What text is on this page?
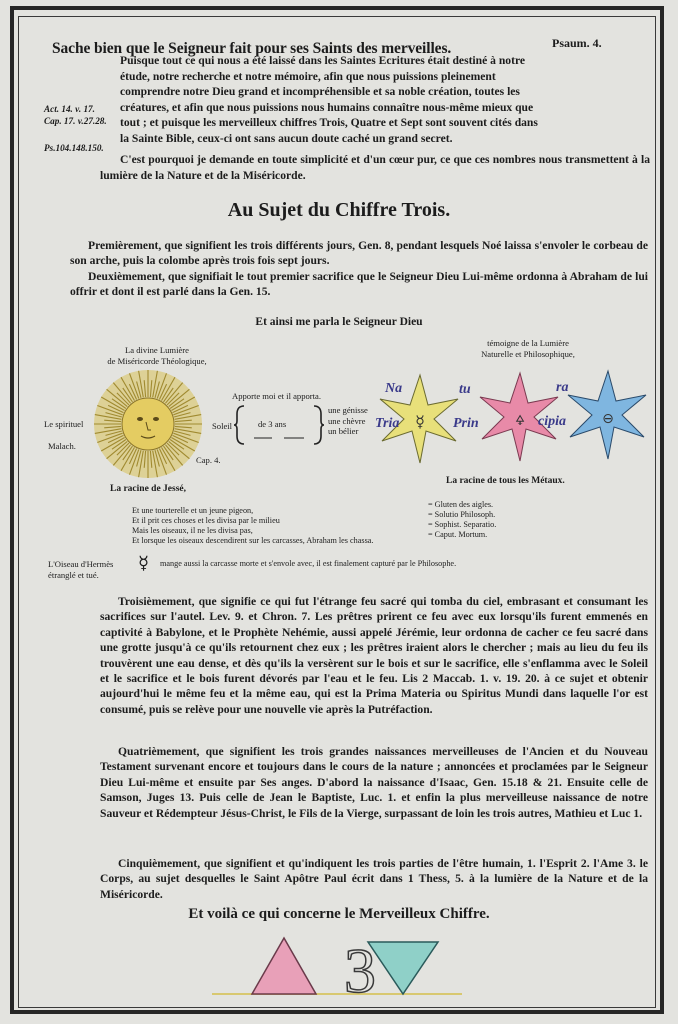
Sache bien que le Seigneur fait pour ses Saints des merveilles.	Psaum. 4.
Puisque tout ce qui nous a été laissé dans les Saintes Ecritures était destiné à notre
étude, notre recherche et notre mémoire, afin que nous puissions pleinement
comprendre notre Dieu grand et incompréhensible et sa noble création, toutes les
créatures, et afin que nous puissions nous humains connaître nous-même mieux que
tout ; et puisque les merveilleux chiffres Trois, Quatre et Sept sont souvent cités dans
la Sainte Bible, ceux-ci ont sans aucun doute caché un grand secret.
Act. 14. v. 17.
Cap. 17. v.27.28.
Ps.104.148.150.
C'est pourquoi je demande en toute simplicité et d'un cœur pur, ce que ces nombres nous transmettent à la lumière de la Nature et de la Miséricorde.
Au Sujet du Chiffre Trois.
Premièrement, que signifient les trois différents jours, Gen. 8, pendant lesquels Noé laissa s'envoler le corbeau de son arche, puis la colombe après trois fois sept jours.
Deuxièmement, que signifiait le tout premier sacrifice que le Seigneur Dieu Lui-même ordonna à Abraham de lui offrir et dont il est parlé dans la Gen. 15.
Et ainsi me parla le Seigneur Dieu
La divine Lumière
de Miséricorde Théologique,
témoigne de la Lumière
Naturelle et Philosophique,
Le spirituel
Malach.
Cap. 4.
La racine de Jessé,
Apporte moi et il apporta.
Soleil	de 3 ans
une génisse
une chèvre
un bélier	☿	🜍	⊖
Na	tu	ra
Tria	Prin	cipia
La racine de tous les Métaux.
Et une tourterelle et un jeune pigeon,
Et il prit ces choses et les divisa par le milieu
Mais les oiseaux, il ne les divisa pas,
Et lorsque les oiseaux descendirent sur les carcasses, Abraham les chassa.
= Gluten des aigles.
= Solutio Philosoph.
= Sophist. Separatio.
= Caput. Mortum.
L'Oiseau d'Hermès
étranglé et tué.
☿ mange aussi la carcasse morte et s'envole avec, il est finalement capturé par le Philosophe.
Troisièmement, que signifie ce qui fut l'étrange feu sacré qui tomba du ciel, embrasant et consumant les sacrifices sur l'autel. Lev. 9. et Chron. 7. Les prêtres prirent ce feu avec eux lorsqu'ils furent emmenés en captivité à Babylone, et le Prophète Nehémie, aussi appelé Jérémie, leur ordonna de cacher ce feu sacré dans une grotte jusqu'à ce qu'ils retournent chez eux ; les prêtres iraient alors le chercher ; mais au lieu du feu ils trouvèrent une eau dense, et dès qu'ils la versèrent sur le bois et sur le sacrifice, elle s'enflamma avec le Soleil et le sacrifice et le bois furent dévorés par l'eau et le feu. Lis 2 Maccab. 1. v. 19. 20. à ce sujet et obtenir aujourd'hui le même feu et la même eau, qui est la Prima Materia ou Spiritus Mundi dans laquelle l'or est consumé, puis se relève pour une nouvelle vie après la Putréfaction.
Quatrièmement, que signifient les trois grandes naissances merveilleuses de l'Ancien et du Nouveau Testament survenant encore et toujours dans le cours de la nature ; annoncées et proclamées par le Seigneur Dieu Lui-même et ensuite par Ses anges. D'abord la naissance d'Isaac, Gen. 15.18 & 21. Ensuite celle de Samson, Juges 13. Puis celle de Jean le Baptiste, Luc. 1. et enfin la plus merveilleuse naissance de notre Sauveur et Rédempteur Jésus-Christ, le Fils de la Vierge, surpassant de loin les trois autres, Mathieu et Luc 1.
Cinquièmement, que signifient et qu'indiquent les trois parties de l'être humain, 1. l'Esprit 2. l'Ame 3. le Corps, au sujet desquelles le Saint Apôtre Paul écrit dans 1 Thess, 5. à la lumière de la Nature et de la Miséricorde.
Et voilà ce qui concerne le Merveilleux Chiffre.
3
